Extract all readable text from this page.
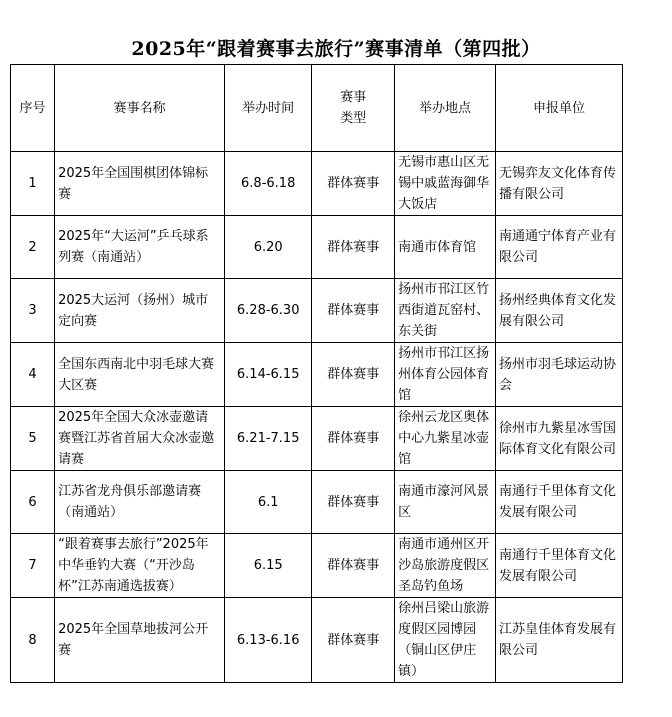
2025年“跟着赛事去旅行”赛事清单（第四批）
序号	赛事名称	举办时间	赛事类型	举办地点	申报单位
1	2025年全国围棋团体锦标赛	6.8-6.18	群体赛事	无锡市惠山区无锡中戚蓝海御华大饭店	无锡弈友文化体育传播有限公司
2	2025年“大运河”乒乓球系列赛（南通站）	6.20	群体赛事	南通市体育馆	南通通宁体育产业有限公司
3	2025大运河（扬州）城市定向赛	6.28-6.30	群体赛事	扬州市邗江区竹西街道瓦窑村、东关街	扬州经典体育文化发展有限公司
4	全国东西南北中羽毛球大赛大区赛	6.14-6.15	群体赛事	扬州市邗江区扬州体育公园体育馆	扬州市羽毛球运动协会
5	2025年全国大众冰壶邀请赛暨江苏省首届大众冰壶邀请赛	6.21-7.15	群体赛事	徐州云龙区奥体中心九紫星冰壶馆	徐州市九紫星冰雪国际体育文化有限公司
6	江苏省龙舟俱乐部邀请赛（南通站）	6.1	群体赛事	南通市濠河风景区	南通行千里体育文化发展有限公司
7	“跟着赛事去旅行”2025年中华垂钓大赛（“开沙岛杯”江苏南通选拔赛）	6.15	群体赛事	南通市通州区开沙岛旅游度假区圣岛钓鱼场	南通行千里体育文化发展有限公司
8	2025年全国草地拔河公开赛	6.13-6.16	群体赛事	徐州吕梁山旅游度假区园博园（铜山区伊庄镇）	江苏皇佳体育发展有限公司
